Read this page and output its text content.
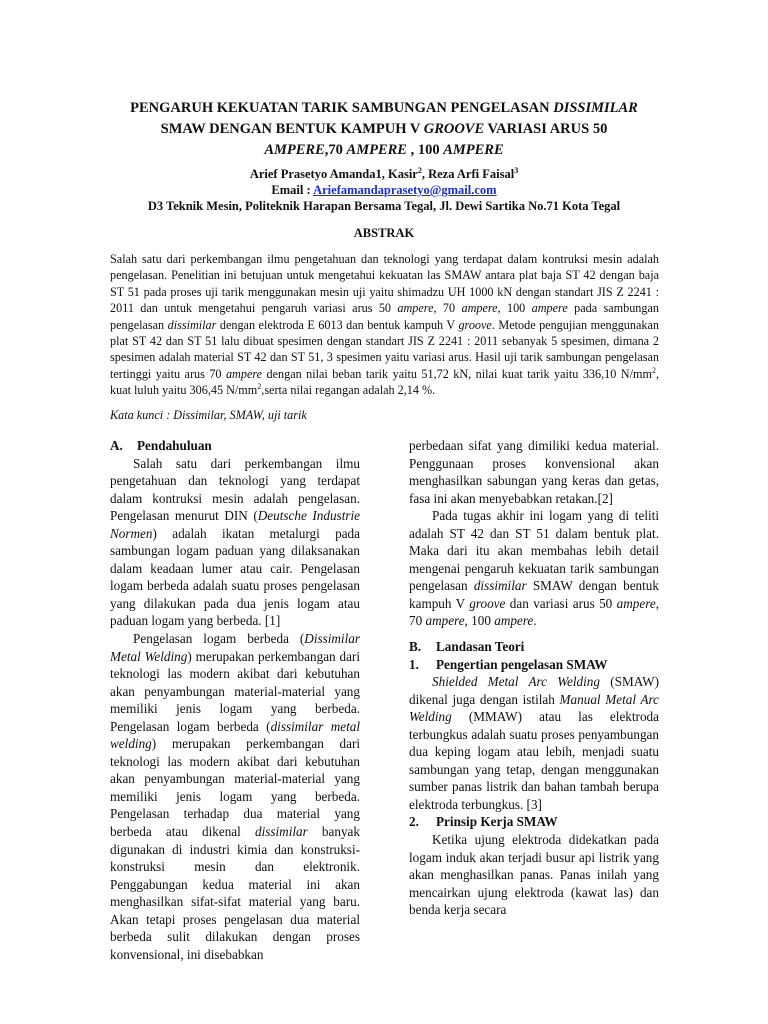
PENGARUH KEKUATAN TARIK SAMBUNGAN PENGELASAN DISSIMILAR
SMAW DENGAN BENTUK KAMPUH V GROOVE VARIASI ARUS 50
AMPERE,70 AMPERE , 100 AMPERE
Arief Prasetyo Amanda1, Kasir$^2$, Reza Arfi Faisal$^3$
Email : Ariefamandaprasetyo@gmail.com
D3 Teknik Mesin, Politeknik Harapan Bersama Tegal, Jl. Dewi Sartika No.71 Kota Tegal
ABSTRAK
Salah satu dari perkembangan ilmu pengetahuan dan teknologi yang terdapat dalam kontruksi mesin adalah pengelasan. Penelitian ini betujuan untuk mengetahui kekuatan las SMAW antara plat baja ST 42 dengan baja ST 51 pada proses uji tarik menggunakan mesin uji yaitu shimadzu UH 1000 kN dengan standart JIS Z 2241 : 2011 dan untuk mengetahui pengaruh variasi arus 50 ampere, 70 ampere, 100 ampere pada sambungan pengelasan dissimilar dengan elektroda E 6013 dan bentuk kampuh V groove. Metode pengujian menggunakan plat ST 42 dan ST 51 lalu dibuat spesimen dengan standart JIS Z 2241 : 2011 sebanyak 5 spesimen, dimana 2 spesimen adalah material ST 42 dan ST 51, 3 spesimen yaitu variasi arus. Hasil uji tarik sambungan pengelasan tertinggi yaitu arus 70 ampere dengan nilai beban tarik yaitu 51,72 kN, nilai kuat tarik yaitu 336,10 $N/mm^2$, kuat luluh yaitu 306,45 $N/mm^2,serta$ nilai regangan adalah 2,14 %.
Kata kunci : Dissimilar, SMAW, uji tarik
A. Pendahuluan

Salah satu dari perkembangan ilmu pengetahuan dan teknologi yang terdapat dalam kontruksi mesin adalah pengelasan. Pengelasan menurut DIN (Deutsche Industrie Normen) adalah ikatan metalurgi pada sambungan logam paduan yang dilaksanakan dalam keadaan lumer atau cair. Pengelasan logam berbeda adalah suatu proses pengelasan yang dilakukan pada dua jenis logam atau paduan logam yang berbeda. [1]

Pengelasan logam berbeda (Dissimilar Metal Welding) merupakan perkembangan dari teknologi las modern akibat dari kebutuhan akan penyambungan material-material yang memiliki jenis logam yang berbeda. Pengelasan logam berbeda (dissimilar metal welding) merupakan perkembangan dari teknologi las modern akibat dari kebutuhan akan penyambungan material-material yang memiliki jenis logam yang berbeda. Pengelasan terhadap dua material yang berbeda atau dikenal dissimilar banyak digunakan di industri kimia dan konstruksi-konstruksi mesin dan elektronik. Penggabungan kedua material ini akan menghasilkan sifat-sifat material yang baru. Akan tetapi proses pengelasan dua material berbeda sulit dilakukan dengan proses konvensional, ini disebabkan

perbedaan sifat yang dimiliki kedua material. Penggunaan proses konvensional akan menghasilkan sabungan yang keras dan getas, fasa ini akan menyebabkan retakan.[2]

Pada tugas akhir ini logam yang di teliti adalah ST 42 dan ST 51 dalam bentuk plat. Maka dari itu akan membahas lebih detail mengenai pengaruh kekuatan tarik sambungan pengelasan dissimilar SMAW dengan bentuk kampuh V groove dan variasi arus 50 ampere, 70 ampere, 100 ampere.

B. Landasan Teori
1. Pengertian pengelasan SMAW

Shielded Metal Arc Welding (SMAW) dikenal juga dengan istilah Manual Metal Arc Welding (MMAW) atau las elektroda terbungkus adalah suatu proses penyambungan dua keping logam atau lebih, menjadi suatu sambungan yang tetap, dengan menggunakan sumber panas listrik dan bahan tambah berupa elektroda terbungkus. [3]

2. Prinsip Kerja SMAW

Ketika ujung elektroda didekatkan pada logam induk akan terjadi busur api listrik yang akan menghasilkan panas. Panas inilah yang mencairkan ujung elektroda (kawat las) dan benda kerja secara
